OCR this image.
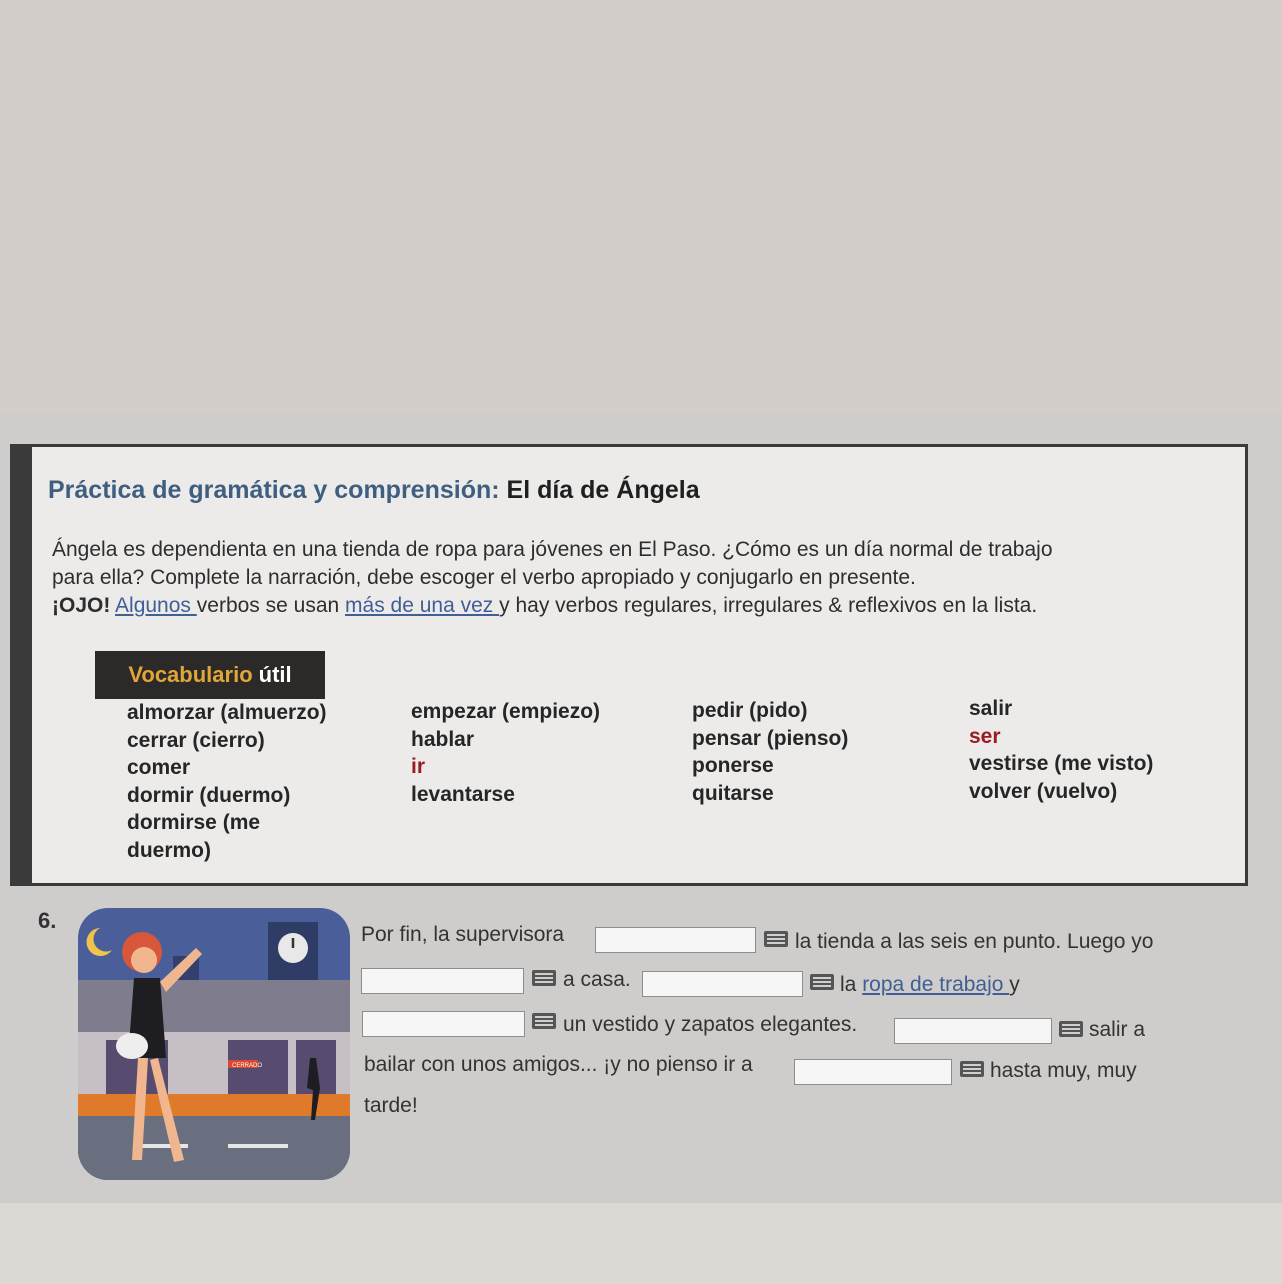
Práctica de gramática y comprensión: El día de Ángela

Ángela es dependienta en una tienda de ropa para jóvenes en El Paso. ¿Cómo es un día normal de trabajo

para ella? Complete la narración, debe escoger el verbo apropiado y conjugarlo en presente.

¡OJO! Algunos verbos se usan más de una vez y hay verbos regulares, irregulares & reflexivos en la lista.

Vocabulario útil
almorzar (almuerzo)
cerrar (cierro)
comer
dormir (duermo)
dormirse (me duermo)
empezar (empiezo)
hablar
ir
levantarse
pedir (pido)
pensar (pienso)
ponerse
quitarse
salir
ser
vestirse (me visto)
volver (vuelvo)
6.
CERRADO
Por fin, la supervisora	la tienda a las seis en punto. Luego yo
a casa.	la ropa de trabajo y
un vestido y zapatos elegantes.	salir a
bailar con unos amigos... ¡y no pienso ir a	hasta muy, muy
tarde!
